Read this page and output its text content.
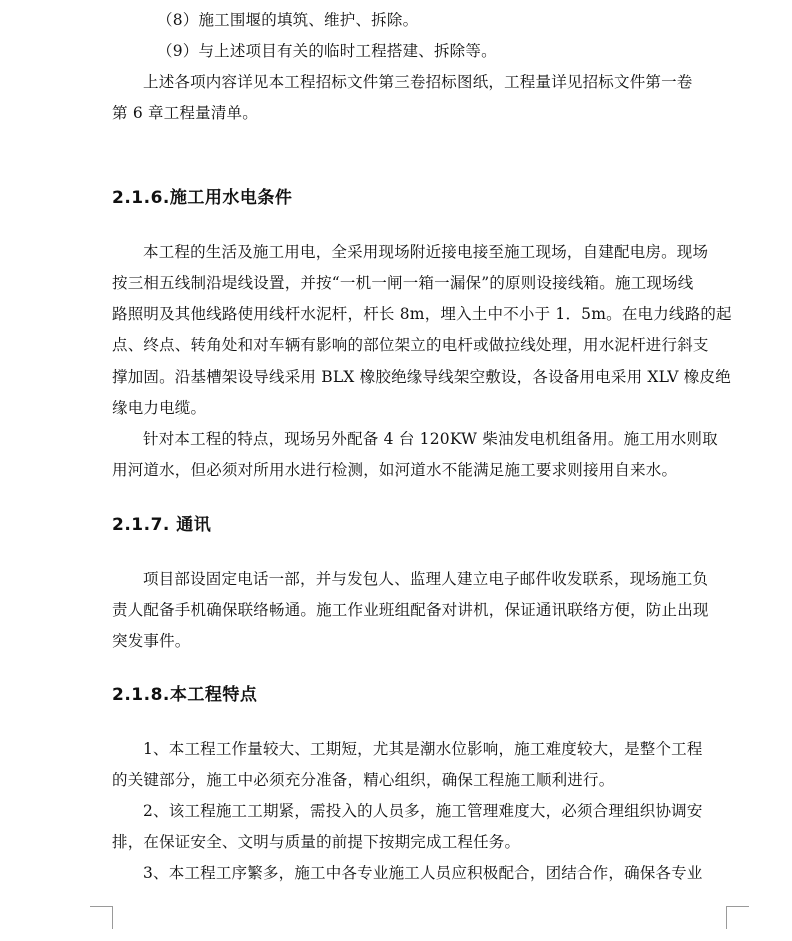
（8）施工围堰的填筑、维护、拆除。
（9）与上述项目有关的临时工程搭建、拆除等。
上述各项内容详见本工程招标文件第三卷招标图纸，工程量详见招标文件第一卷
第 6 章工程量清单。
2.1.6.施工用水电条件
本工程的生活及施工用电，全采用现场附近接电接至施工现场，自建配电房。现场
按三相五线制沿堤线设置，并按“一机一闸一箱一漏保”的原则设接线箱。施工现场线
路照明及其他线路使用线杆水泥杆，杆长 8m，埋入土中不小于 1．5m。在电力线路的起
点、终点、转角处和对车辆有影响的部位架立的电杆或做拉线处理，用水泥杆进行斜支
撑加固。沿基槽架设导线采用 BLX 橡胶绝缘导线架空敷设，各设备用电采用 XLV 橡皮绝
缘电力电缆。
针对本工程的特点，现场另外配备 4 台 120KW 柴油发电机组备用。施工用水则取
用河道水，但必须对所用水进行检测，如河道水不能满足施工要求则接用自来水。
2.1.7. 通讯
项目部设固定电话一部，并与发包人、监理人建立电子邮件收发联系，现场施工负
责人配备手机确保联络畅通。施工作业班组配备对讲机，保证通讯联络方便，防止出现
突发事件。
2.1.8.本工程特点
1、本工程工作量较大、工期短，尤其是潮水位影响，施工难度较大，是整个工程
的关键部分，施工中必须充分准备，精心组织，确保工程施工顺利进行。
2、该工程施工工期紧，需投入的人员多，施工管理难度大，必须合理组织协调安
排，在保证安全、文明与质量的前提下按期完成工程任务。
3、本工程工序繁多，施工中各专业施工人员应积极配合，团结合作，确保各专业
